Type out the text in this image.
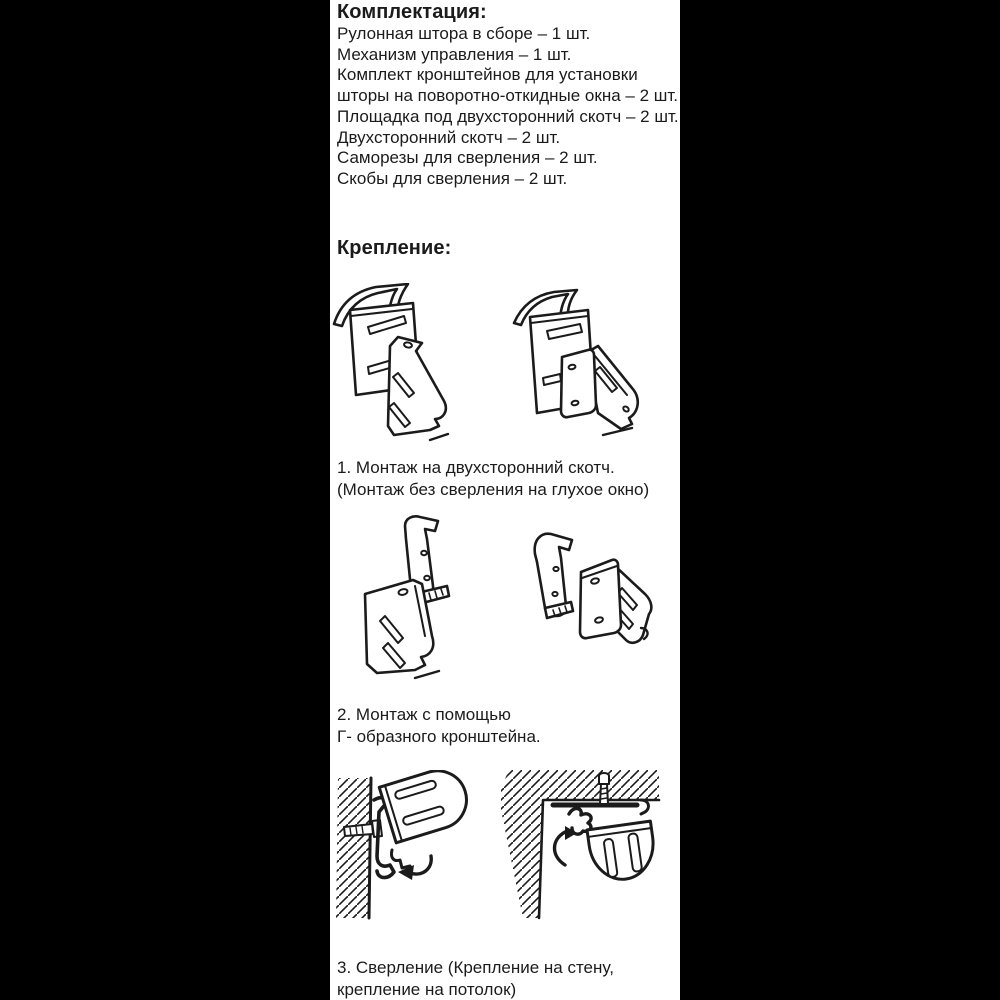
Комплектация:
Рулонная штора в сборе – 1 шт.
Механизм управления – 1 шт.
Комплект кронштейнов для установки
шторы на поворотно-откидные окна – 2 шт.
Площадка под двухсторонний скотч – 2 шт.
Двухсторонний скотч – 2 шт.
Саморезы для сверления – 2 шт.
Скобы для сверления – 2 шт.
Крепление:
1. Монтаж на двухсторонний скотч.
(Монтаж без сверления на глухое окно)
2. Монтаж с помощью
Г- образного кронштейна.
3. Сверление (Крепление на стену,
крепление на потолок)
